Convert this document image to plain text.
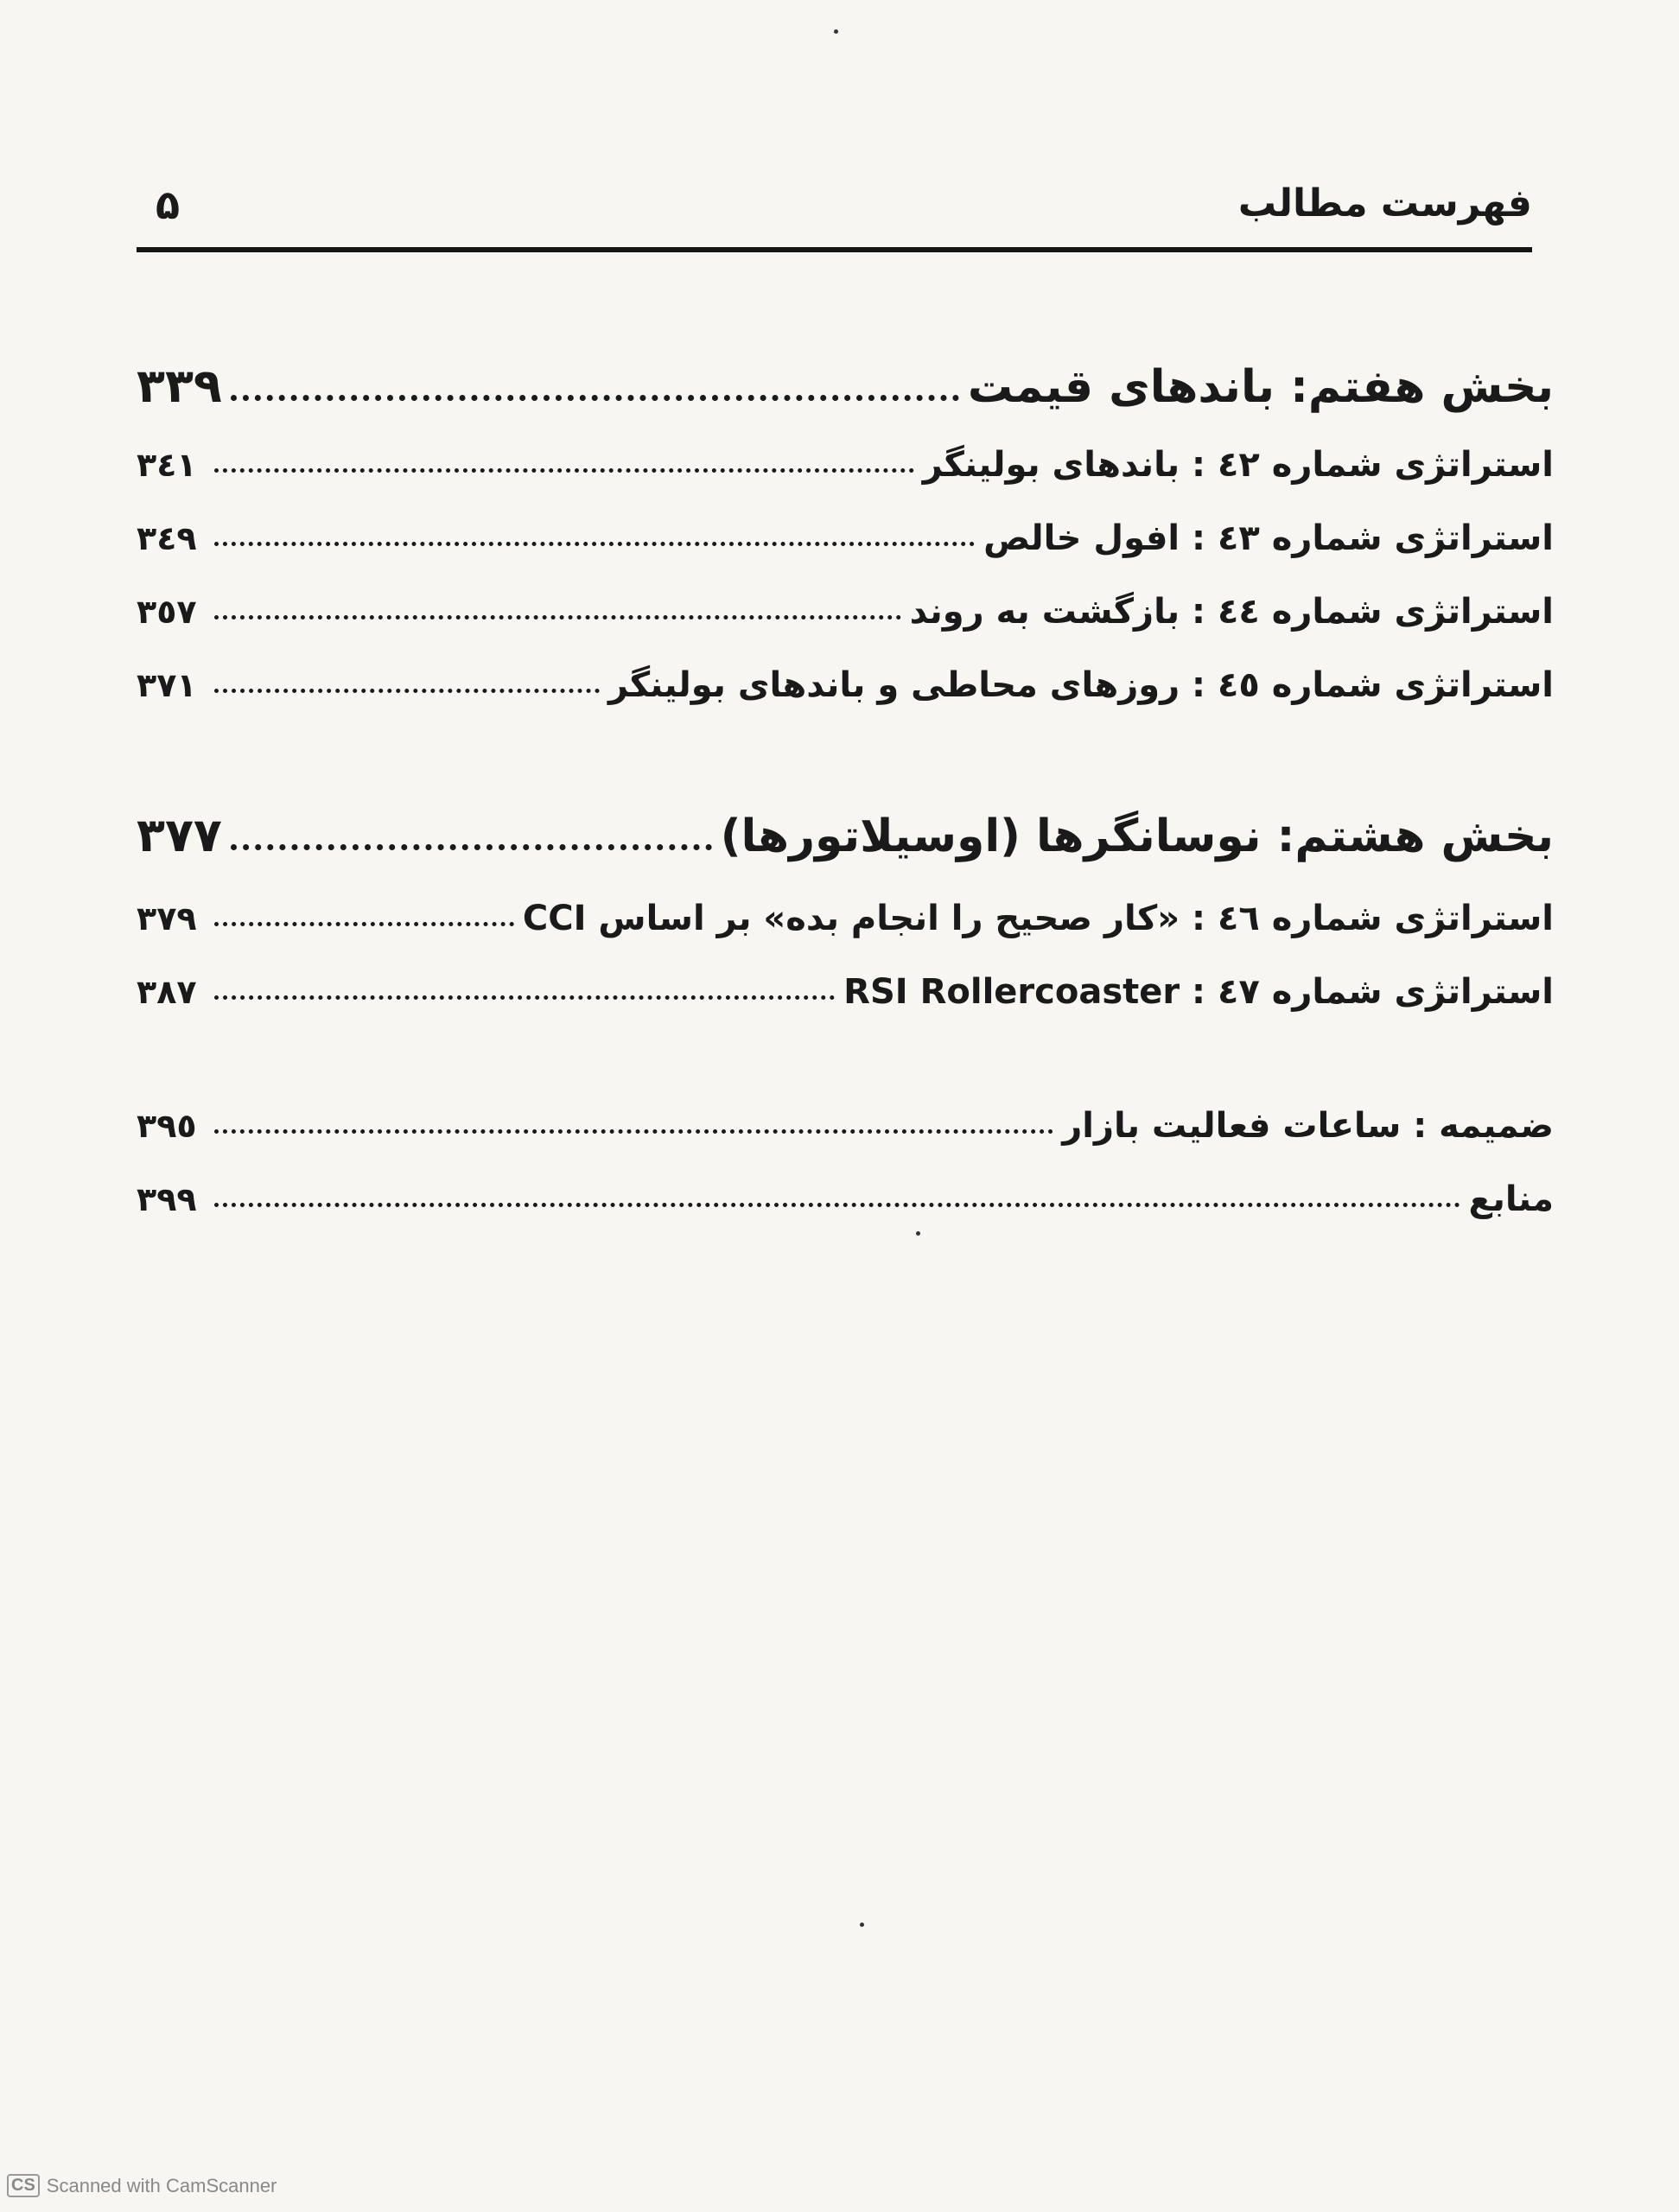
فهرست مطالب
۵
بخش هفتم: باندهای قیمت
۳۳۹
استراتژی شماره ٤٢ : باندهای بولینگر
٣٤١
استراتژی شماره ٤٣ : افول خالص
٣٤٩
استراتژی شماره ٤٤ : بازگشت به روند
٣٥٧
استراتژی شماره ٤٥ : روزهای محاطی و باندهای بولینگر
٣٧١
بخش هشتم: نوسانگرها (اوسیلاتورها)
۳۷۷
استراتژی شماره ٤٦ : «کار صحیح را انجام بده» بر اساس CCI
٣٧٩
استراتژی شماره ٤٧ : RSI Rollercoaster
٣٨٧
ضمیمه : ساعات فعالیت بازار
٣٩٥
منابع
٣٩٩
CS Scanned with CamScanner
